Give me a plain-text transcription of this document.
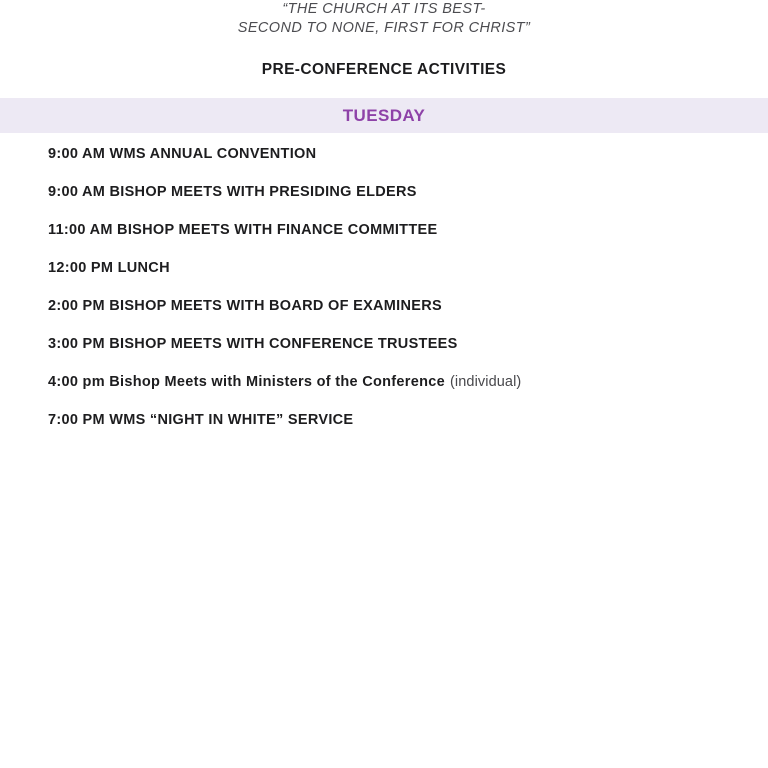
“THE CHURCH AT ITS BEST-
SECOND TO NONE, FIRST FOR CHRIST”
PRE-CONFERENCE ACTIVITIES
TUESDAY
9:00 AM WMS ANNUAL CONVENTION
9:00 AM BISHOP MEETS WITH PRESIDING ELDERS
11:00 AM BISHOP MEETS WITH FINANCE COMMITTEE
12:00 PM LUNCH
2:00 PM BISHOP MEETS WITH BOARD OF EXAMINERS
3:00 PM BISHOP MEETS WITH CONFERENCE TRUSTEES
4:00 pm Bishop Meets with Ministers of the Conference (individual)
7:00 PM WMS “NIGHT IN WHITE” SERVICE
